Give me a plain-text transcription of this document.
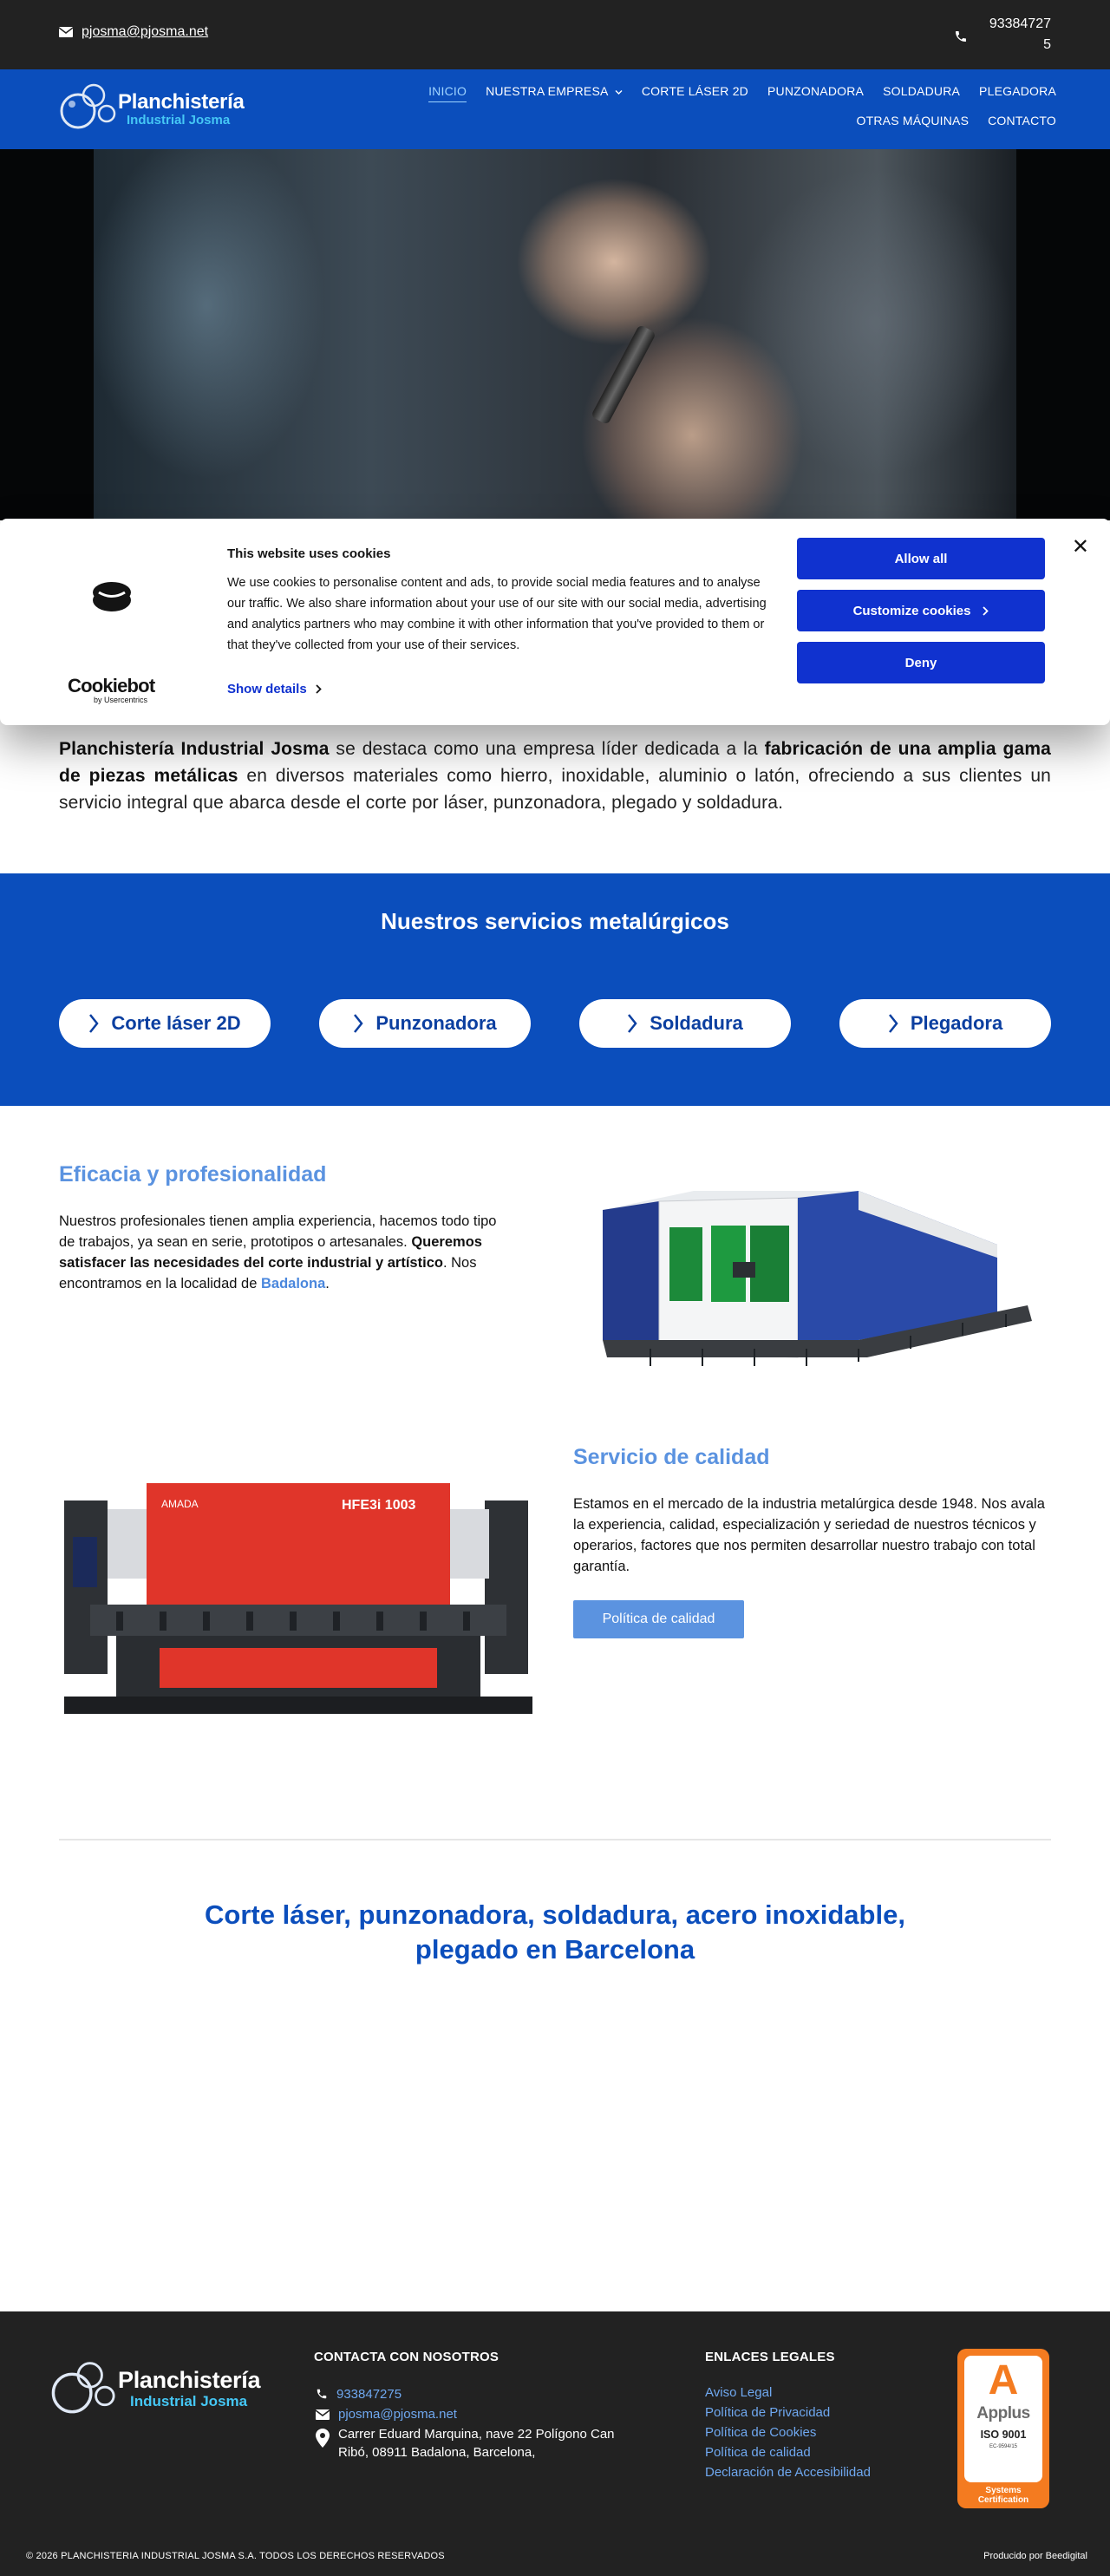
pjosma@pjosma.net
93384727
5
Planchistería
Industrial Josma
INICIO NUESTRA EMPRESA	CORTE LÁSER 2D PUNZONADORA SOLDADURA PLEGADORA
OTRAS MÁQUINAS CONTACTO
Cookiebot
by Usercentrics
This website uses cookies
We use cookies to personalise content and ads, to provide social media features and to analyse our traffic. We also share information about your use of our site with our social media, advertising and analytics partners who may combine it with other information that you've provided to them or that they've collected from your use of their services.
Show details
Allow all
Customize cookies
Deny
✕
Planchistería Industrial Josma se destaca como una empresa líder dedicada a la fabricación de una amplia gama de piezas metálicas en diversos materiales como hierro, inoxidable, aluminio o latón, ofreciendo a sus clientes un servicio integral que abarca desde el corte por láser, punzonadora, plegado y soldadura.
Nuestros servicios metalúrgicos
Corte láser 2D	Punzonadora	Soldadura	Plegadora
Eficacia y profesionalidad
Nuestros profesionales tienen amplia experiencia, hacemos todo tipo de trabajos, ya sean en serie, prototipos o artesanales. Queremos satisfacer las necesidades del corte industrial y artístico. Nos encontramos en la localidad de Badalona.
AMADA	HFE3i 1003
Servicio de calidad
Estamos en el mercado de la industria metalúrgica desde 1948. Nos avala la experiencia, calidad, especialización y seriedad de nuestros técnicos y operarios, factores que nos permiten desarrollar nuestro trabajo con total garantía.
Política de calidad
Corte láser, punzonadora, soldadura, acero inoxidable, plegado en Barcelona
Planchistería
Industrial Josma
CONTACTA CON NOSOTROS
933847275
pjosma@pjosma.net
Carrer Eduard Marquina, nave 22 Polígono Can Ribó, 08911 Badalona, Barcelona,
ENLACES LEGALES
Aviso Legal
Política de Privacidad
Política de Cookies
Política de calidad
Declaración de Accesibilidad
A
Applus
ISO 9001
EC-9594/15
Systems
Certification
© 2026 PLANCHISTERIA INDUSTRIAL JOSMA S.A. TODOS LOS DERECHOS RESERVADOS	Producido por Beedigital
